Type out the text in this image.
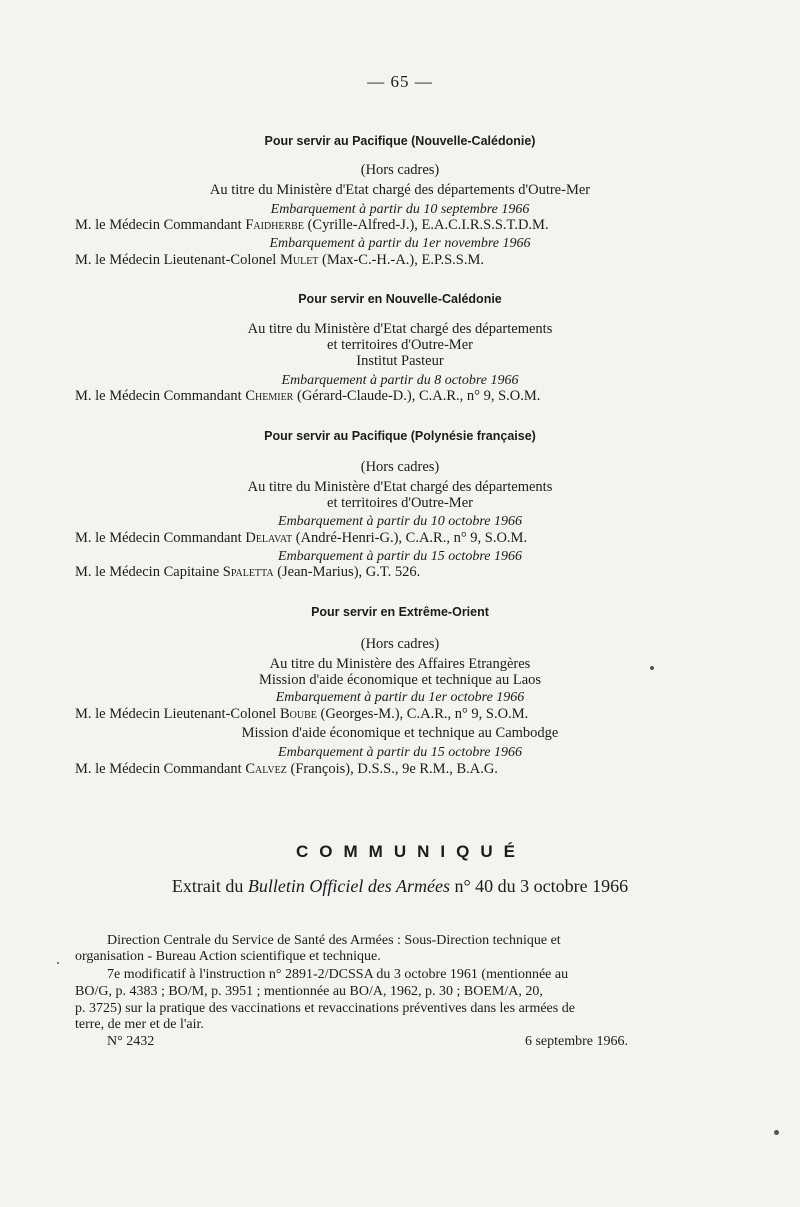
— 65 —
Pour servir au Pacifique (Nouvelle-Calédonie)
(Hors cadres)
Au titre du Ministère d'Etat chargé des départements d'Outre-Mer
Embarquement à partir du 10 septembre 1966
M. le Médecin Commandant Faidherbe (Cyrille-Alfred-J.), E.A.C.I.R.S.S.T.D.M.
Embarquement à partir du 1er novembre 1966
M. le Médecin Lieutenant-Colonel Mulet (Max-C.-H.-A.), E.P.S.S.M.
Pour servir en Nouvelle-Calédonie
Au titre du Ministère d'Etat chargé des départements
et territoires d'Outre-Mer
Institut Pasteur
Embarquement à partir du 8 octobre 1966
M. le Médecin Commandant Chemier (Gérard-Claude-D.), C.A.R., n° 9, S.O.M.
Pour servir au Pacifique (Polynésie française)
(Hors cadres)
Au titre du Ministère d'Etat chargé des départements
et territoires d'Outre-Mer
Embarquement à partir du 10 octobre 1966
M. le Médecin Commandant Delavat (André-Henri-G.), C.A.R., n° 9, S.O.M.
Embarquement à partir du 15 octobre 1966
M. le Médecin Capitaine Spaletta (Jean-Marius), G.T. 526.
Pour servir en Extrême-Orient
(Hors cadres)
Au titre du Ministère des Affaires Etrangères
Mission d'aide économique et technique au Laos
Embarquement à partir du 1er octobre 1966
M. le Médecin Lieutenant-Colonel Boube (Georges-M.), C.A.R., n° 9, S.O.M.
Mission d'aide économique et technique au Cambodge
Embarquement à partir du 15 octobre 1966
M. le Médecin Commandant Calvez (François), D.S.S., 9e R.M., B.A.G.
COMMUNIQUÉ
Extrait du Bulletin Officiel des Armées n° 40 du 3 octobre 1966
Direction Centrale du Service de Santé des Armées : Sous-Direction technique et
organisation - Bureau Action scientifique et technique.
7e modificatif à l'instruction n° 2891-2/DCSSA du 3 octobre 1961 (mentionnée au
BO/G, p. 4383 ; BO/M, p. 3951 ; mentionnée au BO/A, 1962, p. 30 ; BOEM/A, 20,
p. 3725) sur la pratique des vaccinations et revaccinations préventives dans les armées de
terre, de mer et de l'air.
N° 2432	6 septembre 1966.
